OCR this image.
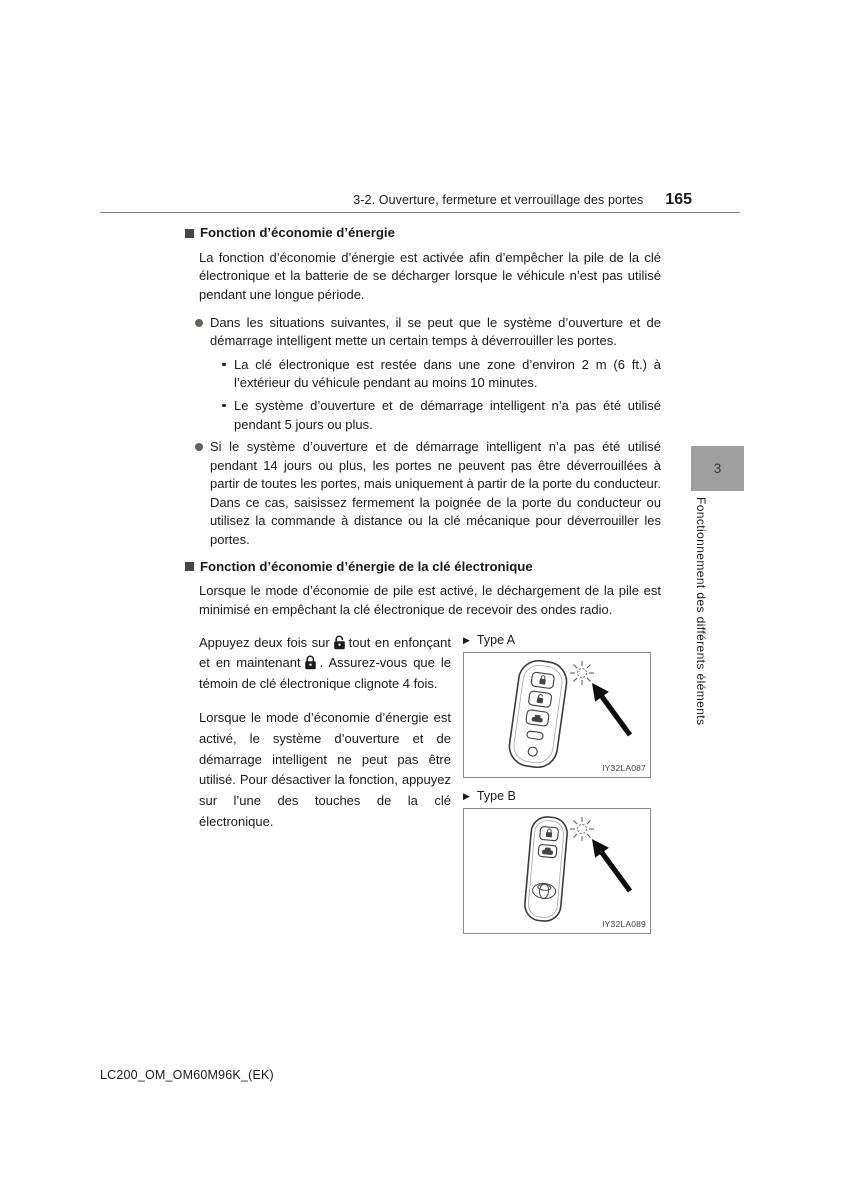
3-2. Ouverture, fermeture et verrouillage des portes 165
Fonction d’économie d’énergie

La fonction d’économie d’énergie est activée afin d’empêcher la pile de la clé électronique et la batterie de se décharger lorsque le véhicule n’est pas utilisé pendant une longue période.

Dans les situations suivantes, il se peut que le système d’ouverture et de démarrage intelligent mette un certain temps à déverrouiller les portes.
La clé électronique est restée dans une zone d’environ 2 m (6 ft.) à l’extérieur du véhicule pendant au moins 10 minutes.
Le système d’ouverture et de démarrage intelligent n’a pas été utilisé pendant 5 jours ou plus.
Si le système d’ouverture et de démarrage intelligent n’a pas été utilisé pendant 14 jours ou plus, les portes ne peuvent pas être déverrouillées à partir de toutes les portes, mais uniquement à partir de la porte du conducteur. Dans ce cas, saisissez fermement la poignée de la porte du conducteur ou utilisez la commande à distance ou la clé mécanique pour déverrouiller les portes.
Fonction d’économie d’énergie de la clé électronique

Lorsque le mode d’économie de pile est activé, le déchargement de la pile est minimisé en empêchant la clé électronique de recevoir des ondes radio.

Appuyez deux fois sur tout en enfonçant et en maintenant . Assurez-vous que le témoin de clé électronique clignote 4 fois.

Lorsque le mode d’économie d’énergie est activé, le système d’ouverture et de démarrage intelligent ne peut pas être utilisé. Pour désactiver la fonction, appuyez sur l’une des touches de la clé électronique.

▶ Type A
IY32LA087
▶ Type B
IY32LA089
3
Fonctionnement des différents éléments
LC200_OM_OM60M96K_(EK)
